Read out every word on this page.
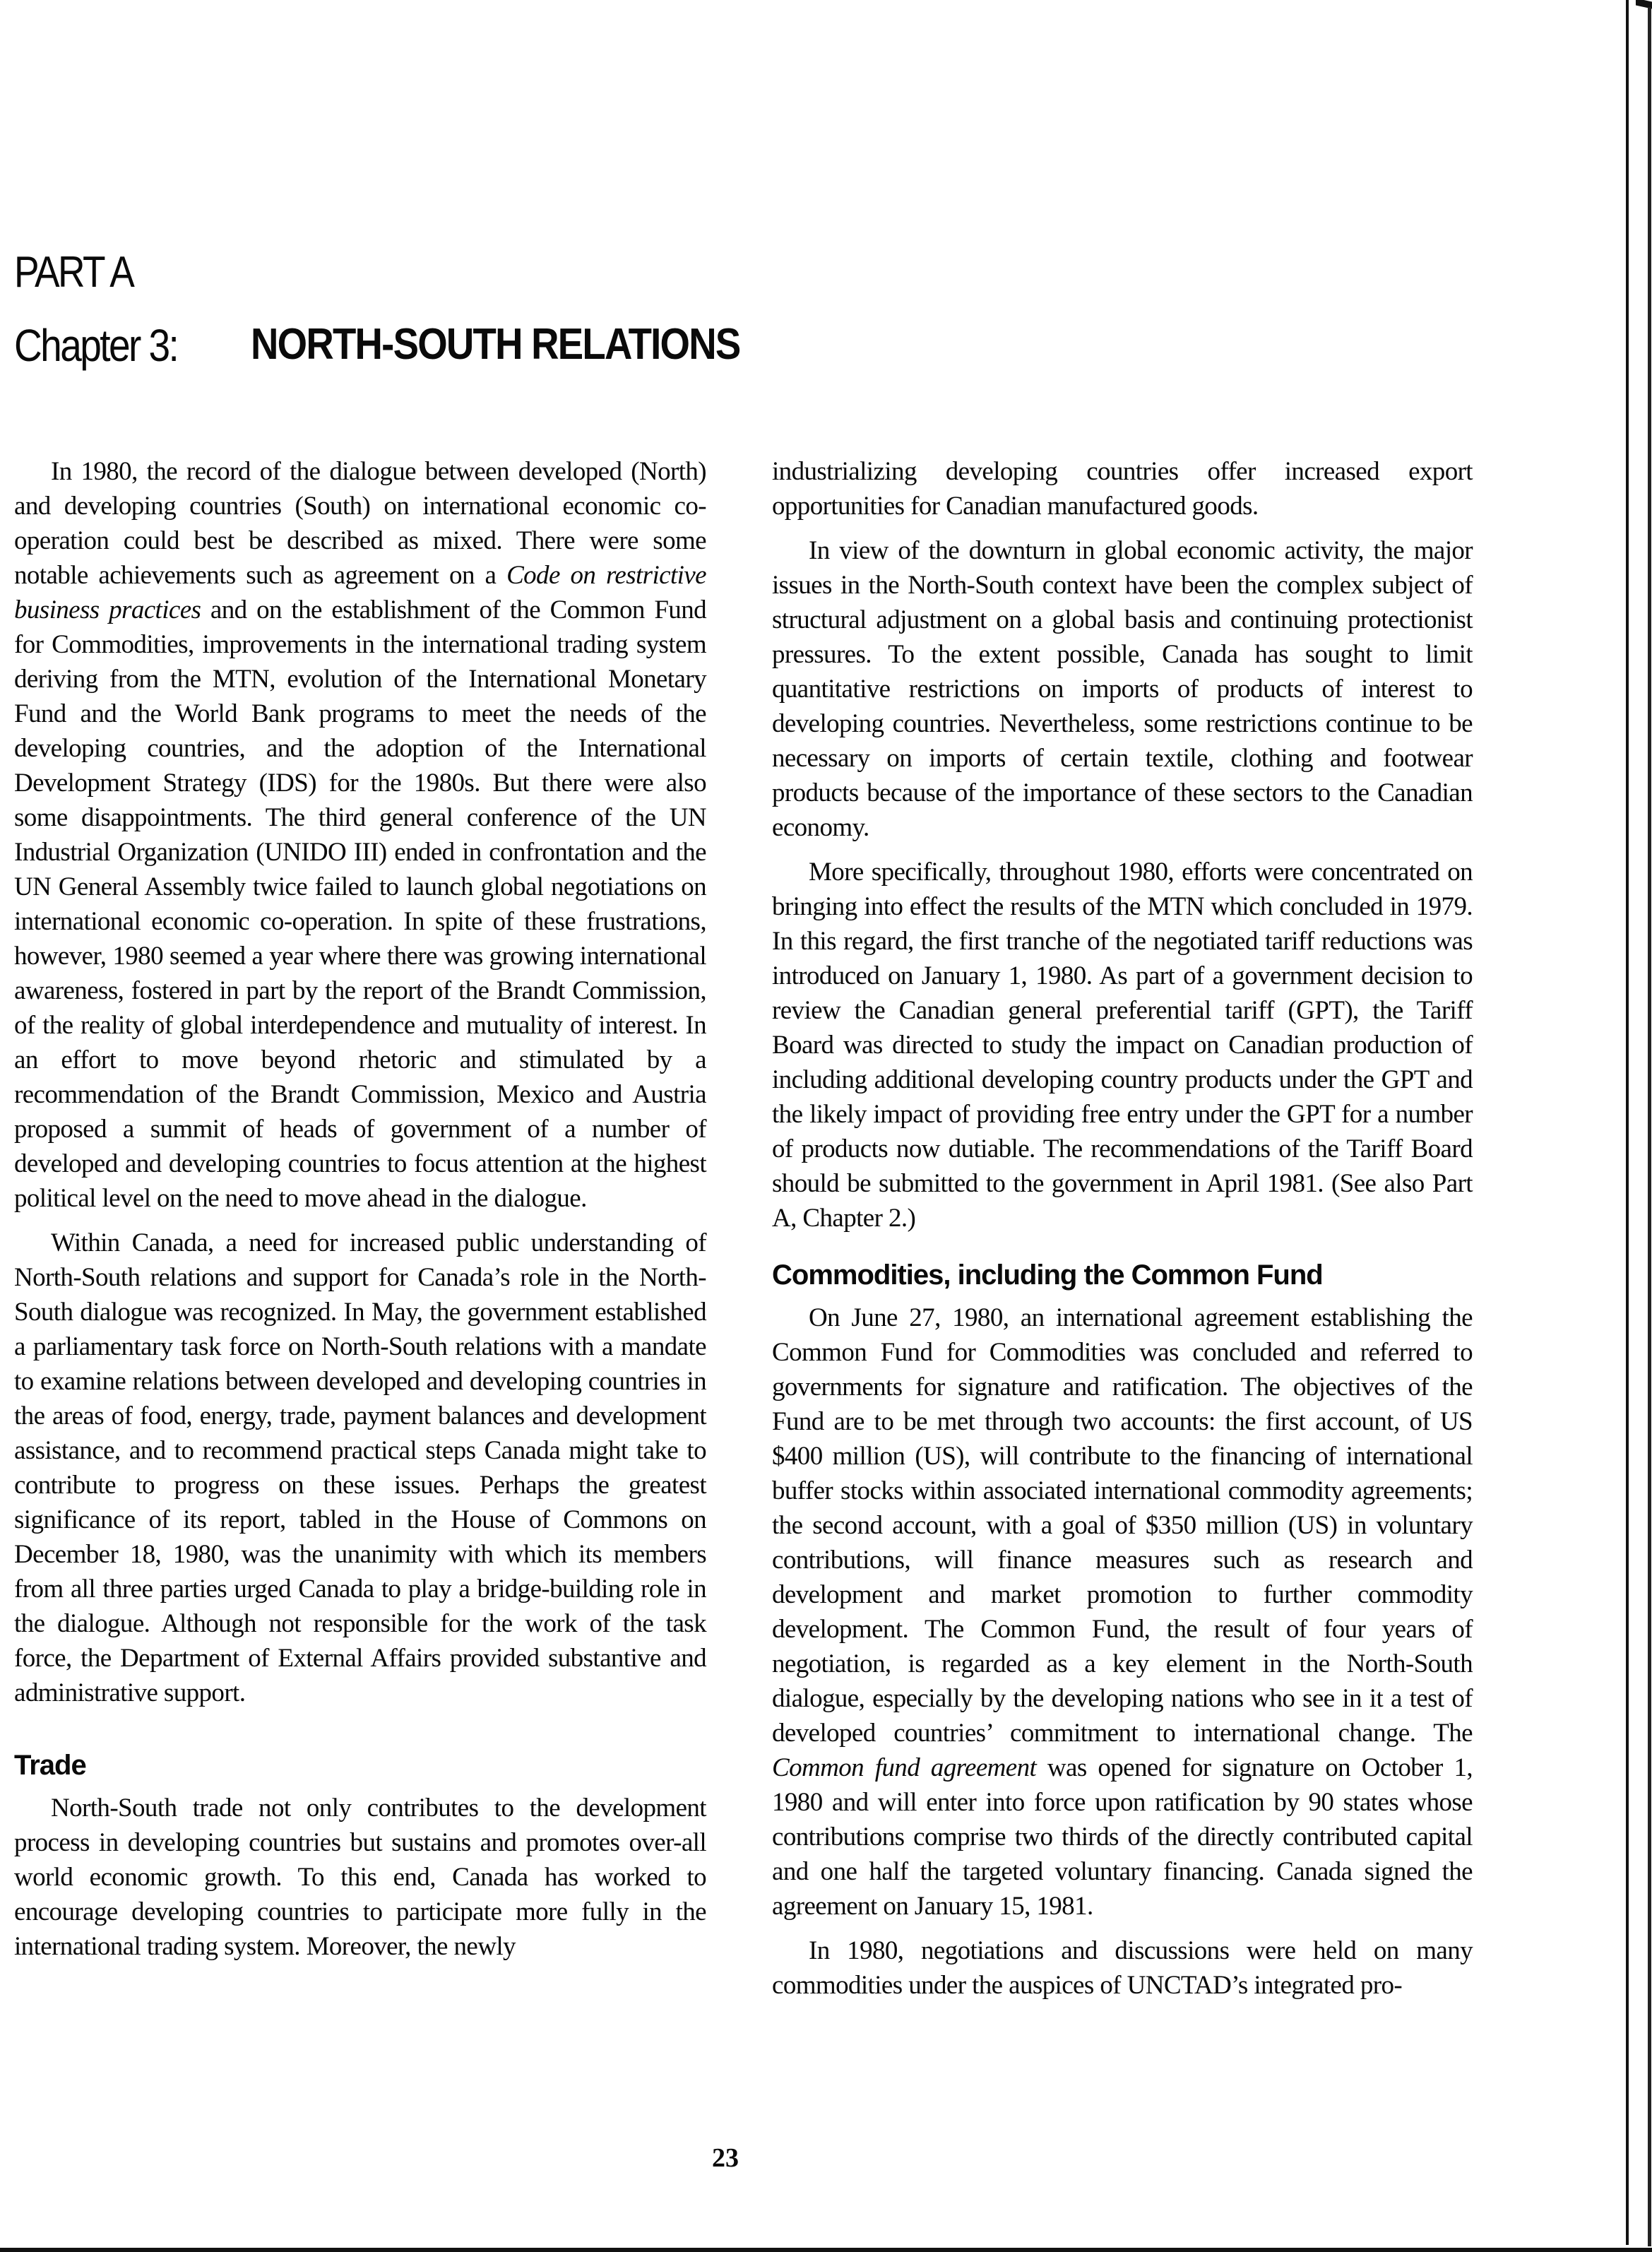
PART A
Chapter 3: NORTH-SOUTH RELATIONS

In 1980, the record of the dialogue between developed (North) and developing countries (South) on international economic co-operation could best be described as mixed. There were some notable achievements such as agreement on a Code on restrictive business practices and on the establishment of the Common Fund for Commodities, improvements in the international trading system deriving from the MTN, evolution of the International Monetary Fund and the World Bank programs to meet the needs of the developing countries, and the adoption of the International Development Strategy (IDS) for the 1980s. But there were also some disappointments. The third general conference of the UN Industrial Organization (UNIDO III) ended in confrontation and the UN General Assembly twice failed to launch global negotiations on international economic co-operation. In spite of these frustrations, however, 1980 seemed a year where there was growing international awareness, fostered in part by the report of the Brandt Commission, of the reality of global interdependence and mutuality of interest. In an effort to move beyond rhetoric and stimulated by a recommendation of the Brandt Commission, Mexico and Austria proposed a summit of heads of government of a number of developed and developing countries to focus attention at the highest political level on the need to move ahead in the dialogue.

Within Canada, a need for increased public understanding of North-South relations and support for Canada’s role in the North-South dialogue was recognized. In May, the government established a parliamentary task force on North-South relations with a mandate to examine relations between developed and developing countries in the areas of food, energy, trade, payment balances and development assistance, and to recommend practical steps Canada might take to contribute to progress on these issues. Perhaps the greatest significance of its report, tabled in the House of Commons on December 18, 1980, was the unanimity with which its members from all three parties urged Canada to play a bridge-building role in the dialogue. Although not responsible for the work of the task force, the Department of External Affairs provided substantive and administrative support.

Trade

North-South trade not only contributes to the development process in developing countries but sustains and promotes over-all world economic growth. To this end, Canada has worked to encourage developing countries to participate more fully in the international trading system. Moreover, the newly

industrializing developing countries offer increased export opportunities for Canadian manufactured goods.

In view of the downturn in global economic activity, the major issues in the North-South context have been the complex subject of structural adjustment on a global basis and continuing protectionist pressures. To the extent possible, Canada has sought to limit quantitative restrictions on imports of products of interest to developing countries. Nevertheless, some restrictions continue to be necessary on imports of certain textile, clothing and footwear products because of the importance of these sectors to the Canadian economy.

More specifically, throughout 1980, efforts were concentrated on bringing into effect the results of the MTN which concluded in 1979. In this regard, the first tranche of the negotiated tariff reductions was introduced on January 1, 1980. As part of a government decision to review the Canadian general preferential tariff (GPT), the Tariff Board was directed to study the impact on Canadian production of including additional developing country products under the GPT and the likely impact of providing free entry under the GPT for a number of products now dutiable. The recommendations of the Tariff Board should be submitted to the government in April 1981. (See also Part A, Chapter 2.)

Commodities, including the Common Fund

On June 27, 1980, an international agreement establishing the Common Fund for Commodities was concluded and referred to governments for signature and ratification. The objectives of the Fund are to be met through two accounts: the first account, of US $400 million (US), will contribute to the financing of international buffer stocks within associated international commodity agreements; the second account, with a goal of $350 million (US) in voluntary contributions, will finance measures such as research and development and market promotion to further commodity development. The Common Fund, the result of four years of negotiation, is regarded as a key element in the North-South dialogue, especially by the developing nations who see in it a test of developed countries’ commitment to international change. The Common fund agreement was opened for signature on October 1, 1980 and will enter into force upon ratification by 90 states whose contributions comprise two thirds of the directly contributed capital and one half the targeted voluntary financing. Canada signed the agreement on January 15, 1981.

In 1980, negotiations and discussions were held on many commodities under the auspices of UNCTAD’s integrated pro-

23
